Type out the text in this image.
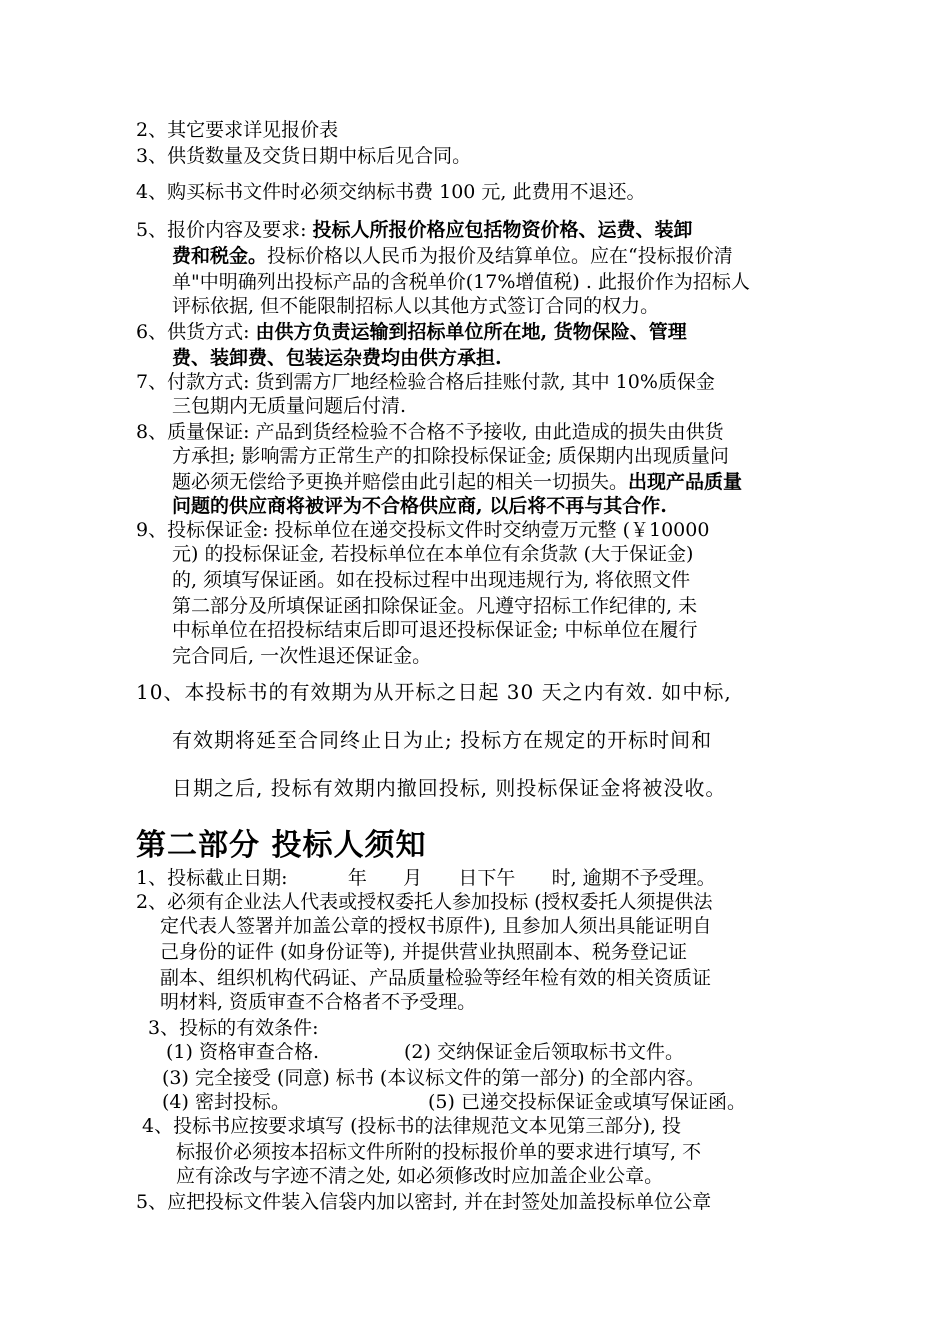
2、其它要求详见报价表
3、供货数量及交货日期中标后见合同。
4、购买标书文件时必须交纳标书费 100 元, 此费用不退还。
5、报价内容及要求: 投标人所报价格应包括物资价格、运费、装卸
费和税金。投标价格以人民币为报价及结算单位。应在“投标报价清
单"中明确列出投标产品的含税单价(17%增值税) . 此报价作为招标人
评标依据, 但不能限制招标人以其他方式签订合同的权力。
6、供货方式: 由供方负责运输到招标单位所在地, 货物保险、管理
费、装卸费、包装运杂费均由供方承担.
7、付款方式: 货到需方厂地经检验合格后挂账付款, 其中 10%质保金
三包期内无质量问题后付清.
8、质量保证: 产品到货经检验不合格不予接收, 由此造成的损失由供货
方承担; 影响需方正常生产的扣除投标保证金; 质保期内出现质量问
题必须无偿给予更换并赔偿由此引起的相关一切损失。出现产品质量
问题的供应商将被评为不合格供应商, 以后将不再与其合作.
9、投标保证金: 投标单位在递交投标文件时交纳壹万元整 (￥10000
元) 的投标保证金, 若投标单位在本单位有余货款 (大于保证金)
的, 须填写保证函。如在投标过程中出现违规行为, 将依照文件
第二部分及所填保证函扣除保证金。凡遵守招标工作纪律的, 未
中标单位在招投标结束后即可退还投标保证金; 中标单位在履行
完合同后, 一次性退还保证金。
10、本投标书的有效期为从开标之日起 30 天之内有效. 如中标,
有效期将延至合同终止日为止; 投标方在规定的开标时间和
日期之后, 投标有效期内撤回投标, 则投标保证金将被没收。
第二部分 投标人须知
1、投标截止日期:          年      月      日下午      时, 逾期不予受理。
2、必须有企业法人代表或授权委托人参加投标 (授权委托人须提供法
定代表人签署并加盖公章的授权书原件), 且参加人须出具能证明自
己身份的证件 (如身份证等), 并提供营业执照副本、税务登记证
副本、组织机构代码证、产品质量检验等经年检有效的相关资质证
明材料, 资质审查不合格者不予受理。
3、投标的有效条件:
(1) 资格审查合格.	(2) 交纳保证金后领取标书文件。
(3) 完全接受 (同意) 标书 (本议标文件的第一部分) 的全部内容。
(4) 密封投标。	(5) 已递交投标保证金或填写保证函。
4、投标书应按要求填写 (投标书的法律规范文本见第三部分), 投
标报价必须按本招标文件所附的投标报价单的要求进行填写, 不
应有涂改与字迹不清之处, 如必须修改时应加盖企业公章。
5、应把投标文件装入信袋内加以密封, 并在封签处加盖投标单位公章
